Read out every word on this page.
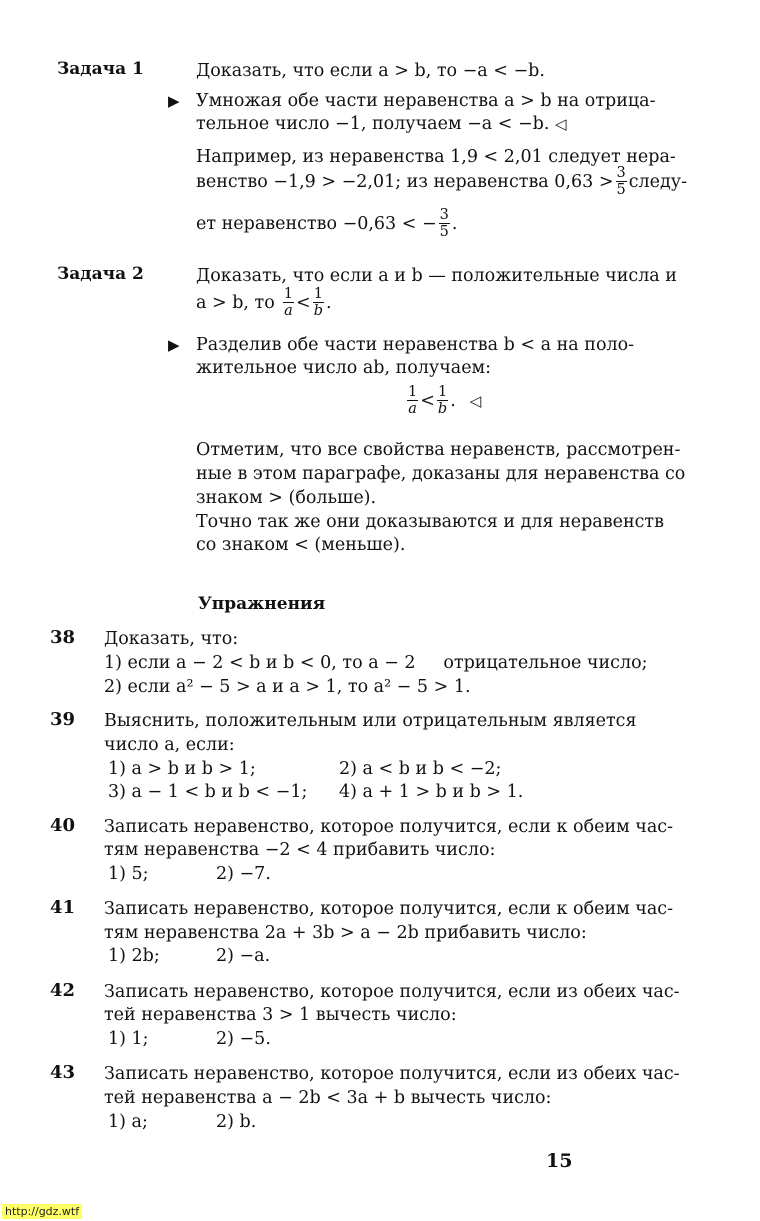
Задача 1	Доказать, что если a > b, то −a < −b.
▶ Умножая обе части неравенства a > b на отрица-
тельное число −1, получаем −a < −b. ◁
Например, из неравенства 1,9 < 2,01 следует нера-
венство −1,9 > −2,01; из неравенства $0,63 > \frac{3}{5}$ следу-
ет неравенство −0,63 < − $\frac{3}{5}$ .
Задача 2	Доказать, что если a и b — положительные числа и
a > b, то $\frac{1}{a} < \frac{1}{b}$ .
▶ Разделив обе части неравенства b < a на поло-
жительное число ab, получаем:
$\frac{1}{a} < \frac{1}{b}$ . ◁
Отметим, что все свойства неравенств, рассмотрен-
ные в этом параграфе, доказаны для неравенства со
знаком > (больше).
Точно так же они доказываются и для неравенств
со знаком < (меньше).
Упражнения
38 Доказать, что:
1) если a − 2 < b и b < 0, то a − 2     отрицательное число;
2) если a² − 5 > a и a > 1, то a² − 5 > 1.
39 Выяснить, положительным или отрицательным является
число a, если:
1) a > b и b > 1;	2) a < b и b < −2;
3) a − 1 < b и b < −1; 4) a + 1 > b и b > 1.
40 Записать неравенство, которое получится, если к обеим час-
тям неравенства −2 < 4 прибавить число:
1) 5;	2) −7.
41 Записать неравенство, которое получится, если к обеим час-
тям неравенства 2a + 3b > a − 2b прибавить число:
1) 2b;	2) −a.
42 Записать неравенство, которое получится, если из обеих час-
тей неравенства 3 > 1 вычесть число:
1) 1;	2) −5.
43 Записать неравенство, которое получится, если из обеих час-
тей неравенства a − 2b < 3a + b вычесть число:
1) a;	2) b.
15
http://gdz.wtf
